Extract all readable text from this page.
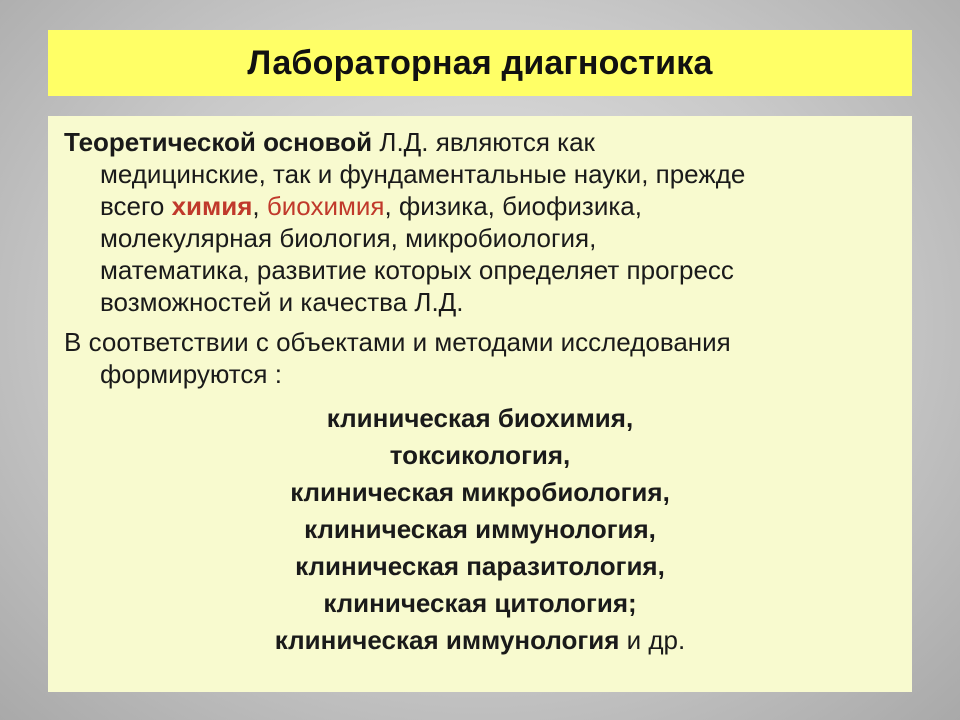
Лабораторная диагностика

Теоретической основой Л.Д. являются как
медицинские, так и фундаментальные науки, прежде
всего химия, биохимия, физика, биофизика,
молекулярная биология, микробиология,
математика, развитие которых определяет прогресс
возможностей и качества Л.Д.

В соответствии с объектами и методами исследования
формируются :

клиническая биохимия,
токсикология,
клиническая микробиология,
клиническая иммунология,
клиническая паразитология,
клиническая цитология;
клиническая иммунология и др.
